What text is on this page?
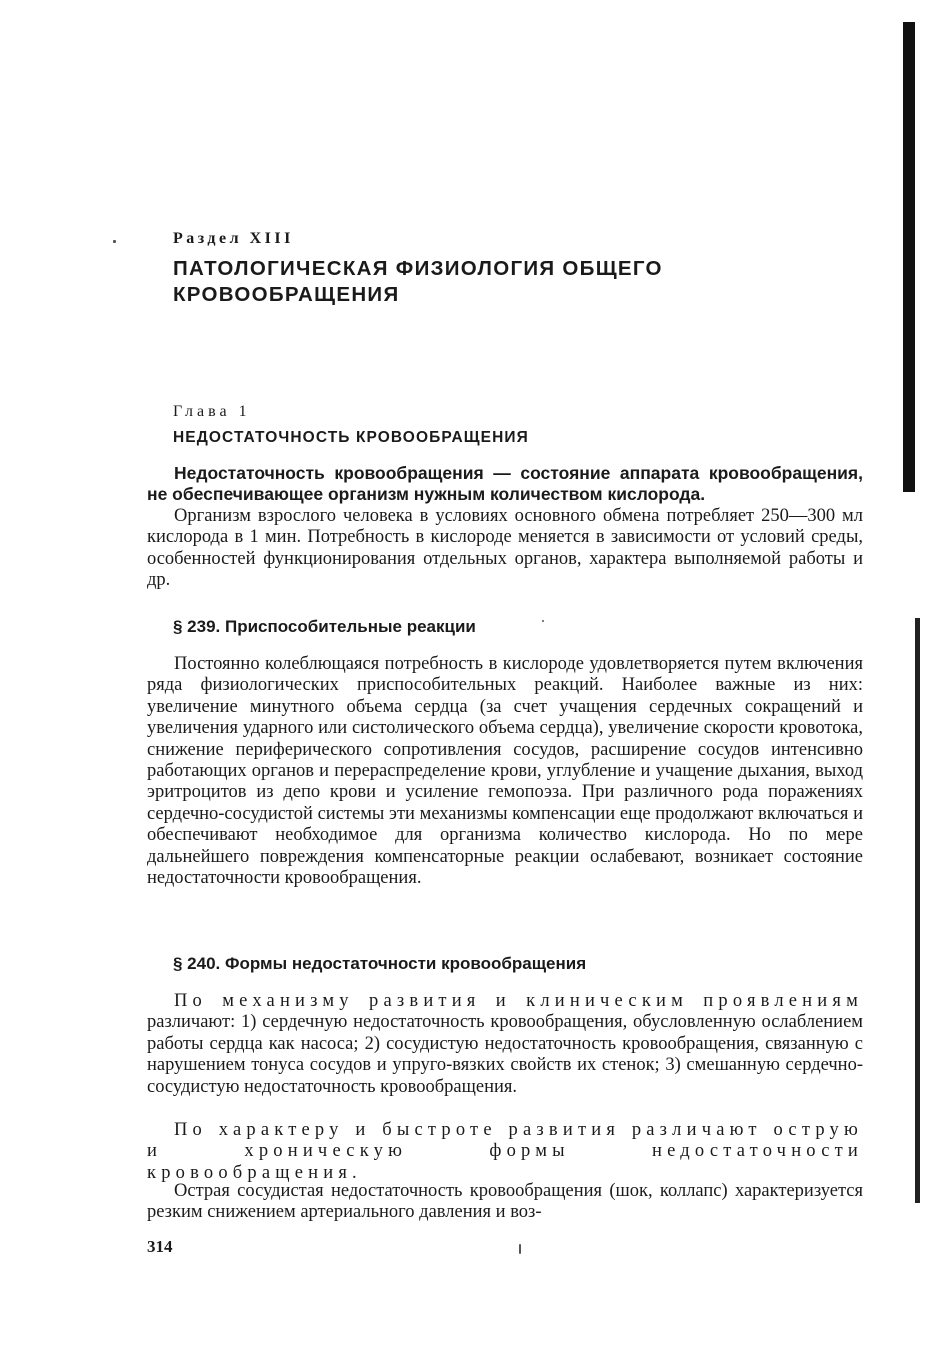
Раздел XIII

ПАТОЛОГИЧЕСКАЯ ФИЗИОЛОГИЯ ОБЩЕГО КРОВООБРАЩЕНИЯ

Глава 1

НЕДОСТАТОЧНОСТЬ КРОВООБРАЩЕНИЯ

Недостаточность кровообращения — состояние аппарата кровообращения, не обеспечивающее организм нужным количеством кислорода.

Организм взрослого человека в условиях основного обмена потребляет 250—300 мл кислорода в 1 мин. Потребность в кислороде меняется в зависимости от условий среды, особенностей функционирования отдельных органов, характера выполняемой работы и др.

§ 239. Приспособительные реакции

Постоянно колеблющаяся потребность в кислороде удовлетворяется путем включения ряда физиологических приспособительных реакций. Наиболее важные из них: увеличение минутного объема сердца (за счет учащения сердечных сокращений и увеличения ударного или систолического объема сердца), увеличение скорости кровотока, снижение периферического сопротивления сосудов, расширение сосудов интенсивно работающих органов и перераспределение крови, углубление и учащение дыхания, выход эритроцитов из депо крови и усиление гемопоэза. При различного рода поражениях сердечно-сосудистой системы эти механизмы компенсации еще продолжают включаться и обеспечивают необходимое для организма количество кислорода. Но по мере дальнейшего повреждения компенсаторные реакции ослабевают, возникает состояние недостаточности кровообращения.

§ 240. Формы недостаточности кровообращения

По механизму развития и клиническим проявлениям различают: 1) сердечную недостаточность кровообращения, обусловленную ослаблением работы сердца как насоса; 2) сосудистую недостаточность кровообращения, связанную с нарушением тонуса сосудов и упруго-вязких свойств их стенок; 3) смешанную сердечно-сосудистую недостаточность кровообращения.

По характеру и быстроте развития различают острую и хроническую формы недостаточности кровообращения.

Острая сосудистая недостаточность кровообращения (шок, коллапс) характеризуется резким снижением артериального давления и воз-

314
